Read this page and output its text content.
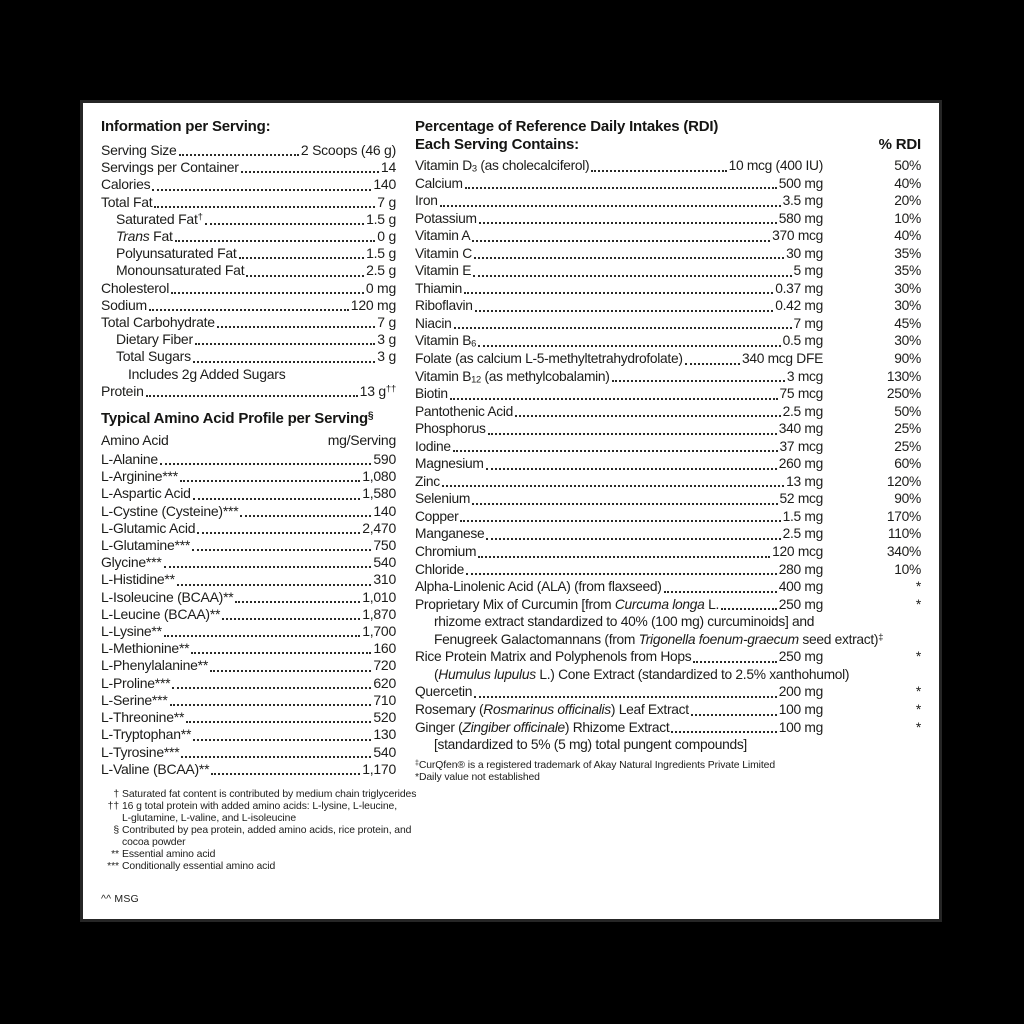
Information per Serving:
Serving Size	2 Scoops (46 g)
Servings per Container	14
Calories	140
Total Fat	7 g
Saturated Fat†	1.5 g
Trans Fat	0 g
Polyunsaturated Fat	1.5 g
Monounsaturated Fat	2.5 g
Cholesterol	0 mg
Sodium	120 mg
Total Carbohydrate	7 g
Dietary Fiber	3 g
Total Sugars	3 g
Includes 2g Added Sugars
Protein	13 g††
Typical Amino Acid Profile per Serving§
Amino Acid	mg/Serving
L-Alanine	590
L-Arginine***	1,080
L-Aspartic Acid	1,580
L-Cystine (Cysteine)***	140
L-Glutamic Acid	2,470
L-Glutamine***	750
Glycine***	540
L-Histidine**	310
L-Isoleucine (BCAA)**	1,010
L-Leucine (BCAA)**	1,870
L-Lysine**	1,700
L-Methionine**	160
L-Phenylalanine**	720
L-Proline***	620
L-Serine***	710
L-Threonine**	520
L-Tryptophan**	130
L-Tyrosine***	540
L-Valine (BCAA)**	1,170
† Saturated fat content is contributed by medium chain triglycerides
†† 16 g total protein with added amino acids: L-lysine, L-leucine,
L-glutamine, L-valine, and L-isoleucine
§ Contributed by pea protein, added amino acids, rice protein, and
cocoa powder
** Essential amino acid
*** Conditionally essential amino acid
^^ MSG
Percentage of Reference Daily Intakes (RDI)
Each Serving Contains:	% RDI
Vitamin $D_3$ (as cholecalciferol)	10 mcg (400 IU)	50%
Calcium	500 mg	40%
Iron	3.5 mg	20%
Potassium	580 mg	10%
Vitamin A	370 mcg	40%
Vitamin C	30 mg	35%
Vitamin E	5 mg	35%
Thiamin	0.37 mg	30%
Riboflavin	0.42 mg	30%
Niacin	7 mg	45%
Vitamin $B_6$	0.5 mg	30%
Folate (as calcium L-5-methyltetrahydrofolate)	340 mcg DFE	90%
Vitamin $B_{12}$ (as methylcobalamin)	3 mcg	130%
Biotin	75 mcg	250%
Pantothenic Acid	2.5 mg	50%
Phosphorus	340 mg	25%
Iodine	37 mcg	25%
Magnesium	260 mg	60%
Zinc	13 mg	120%
Selenium	52 mcg	90%
Copper	1.5 mg	170%
Manganese	2.5 mg	110%
Chromium	120 mcg	340%
Chloride	280 mg	10%
Alpha-Linolenic Acid (ALA) (from flaxseed)	400 mg	*
Proprietary Mix of Curcumin [from Curcuma longa L.	250 mg	*
rhizome extract standardized to 40% (100 mg) curcuminoids] and
Fenugreek Galactomannans (from Trigonella foenum-graecum seed extract)‡
Rice Protein Matrix and Polyphenols from Hops	250 mg	*
(Humulus lupulus L.) Cone Extract (standardized to 2.5% xanthohumol)
Quercetin	200 mg	*
Rosemary (Rosmarinus officinalis) Leaf Extract	100 mg	*
Ginger (Zingiber officinale) Rhizome Extract	100 mg	*
[standardized to 5% (5 mg) total pungent compounds]
‡CurQfen® is a registered trademark of Akay Natural Ingredients Private Limited
*Daily value not established
